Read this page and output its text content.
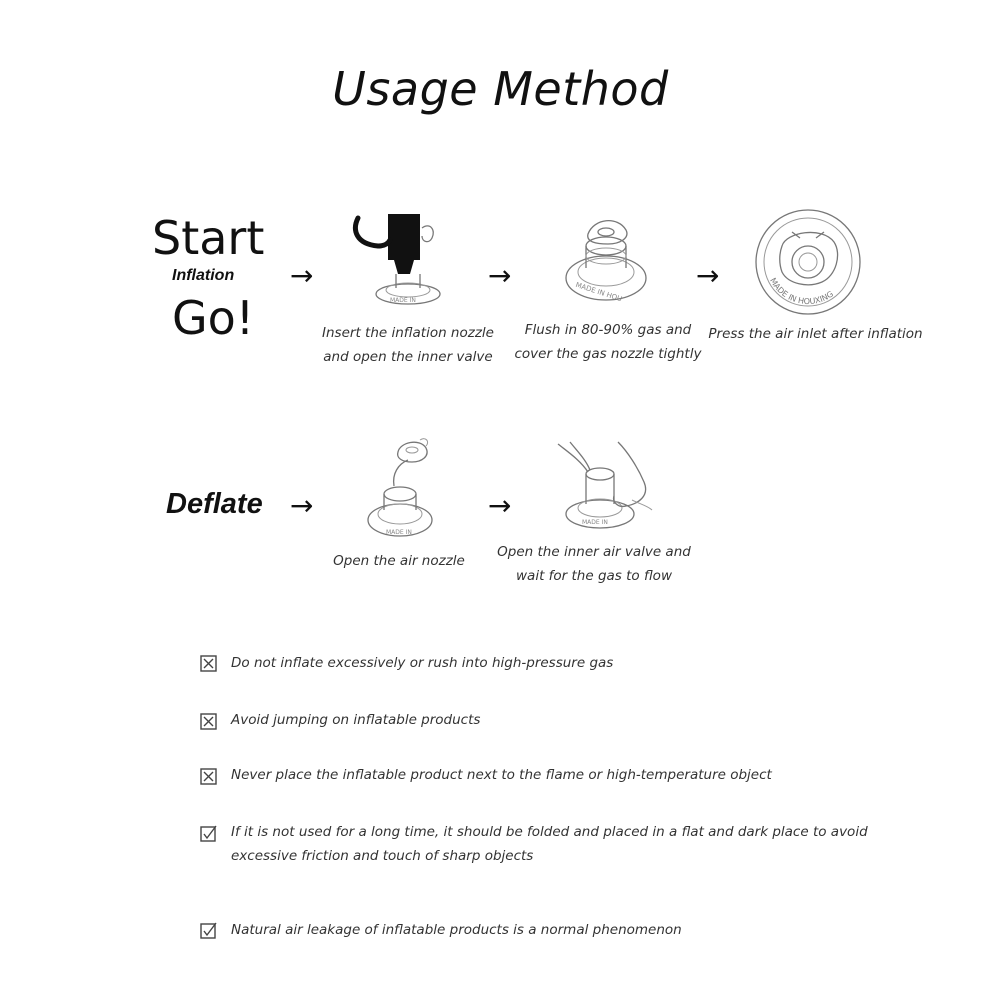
Usage Method
Start
Inflation
Go!
→	→	→
MADE IN	MADE IN HOU	MADE IN HOUXING
Insert the inflation nozzle
and open the inner valve
Flush in 80-90% gas and
cover the gas nozzle tightly
Press the air inlet after inflation
Deflate →	→
MADE IN
MADE IN
Open the air nozzle
Open the inner air valve and
wait for the gas to flow
Do not inflate excessively or rush into high-pressure gas
Avoid jumping on inflatable products
Never place the inflatable product next to the flame or high-temperature object
If it is not used for a long time, it should be folded and placed in a flat and dark place to avoid
excessive friction and touch of sharp objects
Natural air leakage of inflatable products is a normal phenomenon
